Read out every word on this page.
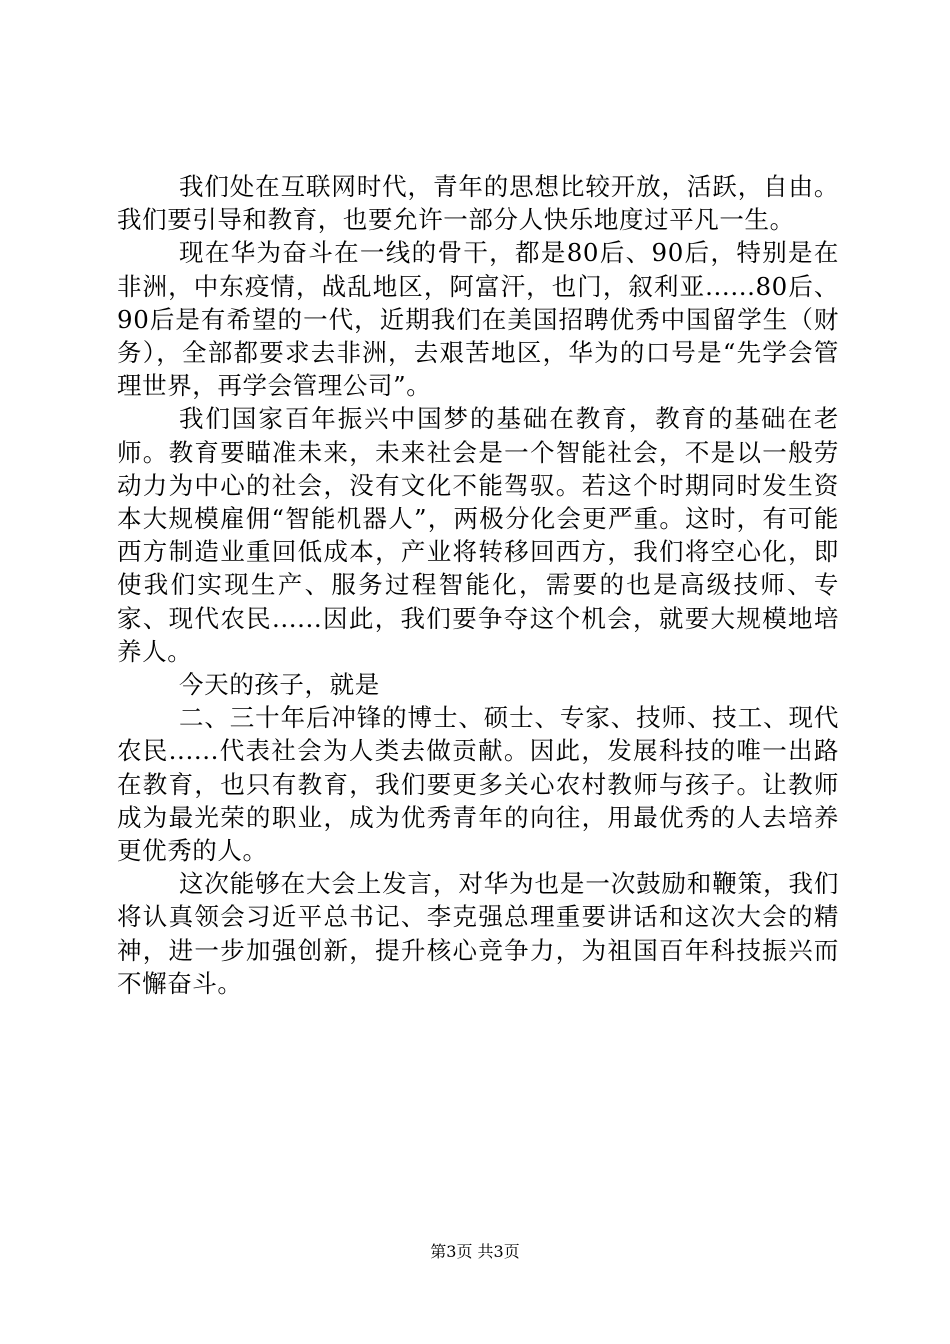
我们处在互联网时代，青年的思想比较开放，活跃，自由。我们要引导和教育，也要允许一部分人快乐地度过平凡一生。

现在华为奋斗在一线的骨干，都是80后、90后，特别是在非洲，中东疫情，战乱地区，阿富汗，也门，叙利亚......80后、90后是有希望的一代，近期我们在美国招聘优秀中国留学生（财务），全部都要求去非洲，去艰苦地区，华为的口号是“先学会管理世界，再学会管理公司”。

我们国家百年振兴中国梦的基础在教育，教育的基础在老师。教育要瞄准未来，未来社会是一个智能社会，不是以一般劳动力为中心的社会，没有文化不能驾驭。若这个时期同时发生资本大规模雇佣“智能机器人”，两极分化会更严重。这时，有可能西方制造业重回低成本，产业将转移回西方，我们将空心化，即使我们实现生产、服务过程智能化，需要的也是高级技师、专家、现代农民......因此，我们要争夺这个机会，就要大规模地培养人。

今天的孩子，就是

二、三十年后冲锋的博士、硕士、专家、技师、技工、现代农民......代表社会为人类去做贡献。因此，发展科技的唯一出路在教育，也只有教育，我们要更多关心农村教师与孩子。让教师成为最光荣的职业，成为优秀青年的向往，用最优秀的人去培养更优秀的人。

这次能够在大会上发言，对华为也是一次鼓励和鞭策，我们将认真领会习近平总书记、李克强总理重要讲话和这次大会的精神，进一步加强创新，提升核心竞争力，为祖国百年科技振兴而不懈奋斗。

第3页 共3页
